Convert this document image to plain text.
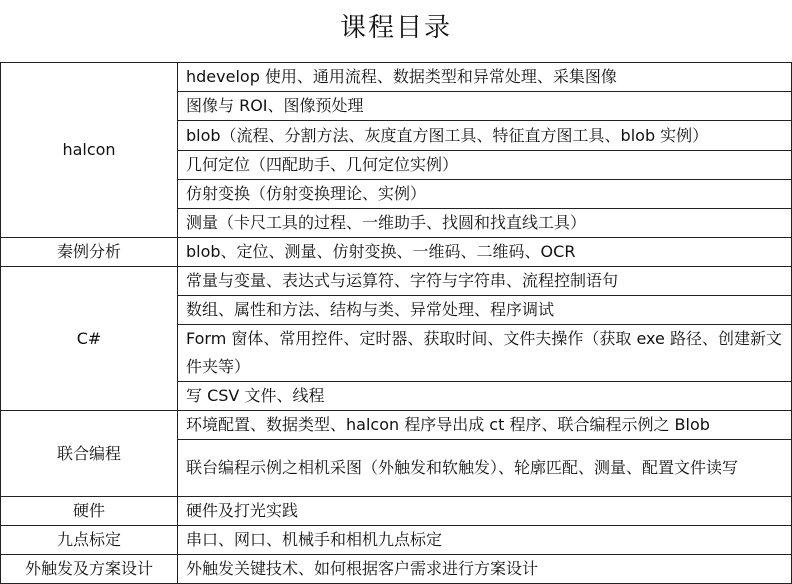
课程目录
halcon	hdevelop 使用、通用流程、数据类型和异常处理、采集图像
	图像与 ROI、图像预处理
	blob（流程、分割方法、灰度直方图工具、特征直方图工具、blob 实例）
	几何定位（四配助手、几何定位实例）
	仿射变换（仿射变换理论、实例）
	测量（卡尺工具的过程、一维助手、找圆和找直线工具）
秦例分析	blob、定位、测量、仿射变换、一维码、二维码、OCR
C#	常量与变量、表达式与运算符、字符与字符串、流程控制语句
	数组、属性和方法、结构与类、异常处理、程序调试
	Form 窗体、常用控件、定时器、获取时间、文件夫操作（获取 exe 路径、创建新文件夹等）
	写 CSV 文件、线程
联合编程	环境配置、数据类型、halcon 程序导出成 ct 程序、联合编程示例之 Blob
	联台编程示例之相机采图（外触发和软触发）、轮廓匹配、测量、配置文件读写
硬件	硬件及打光实践
九点标定	串口、网口、机械手和相机九点标定
外触发及方案设计	外触发关键技术、如何根据客户需求进行方案设计
